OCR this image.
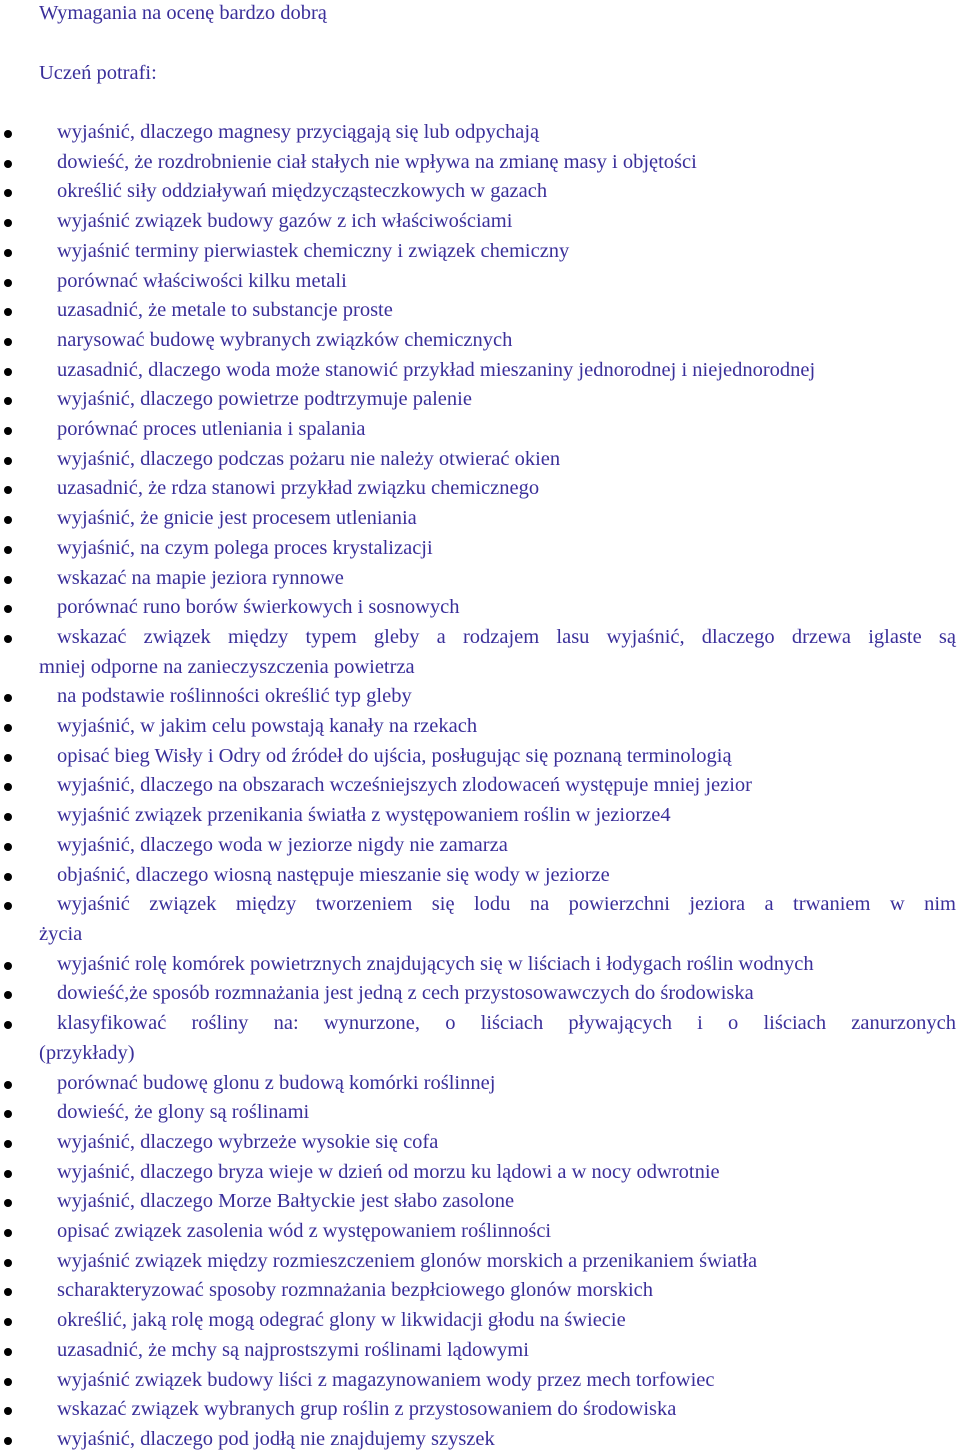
Wymagania na ocenę bardzo dobrą
Uczeń potrafi:
wyjaśnić, dlaczego magnesy przyciągają się lub odpychają
dowieść, że rozdrobnienie ciał stałych nie wpływa na zmianę masy i objętości
określić siły oddziaływań międzycząsteczkowych w gazach
wyjaśnić związek budowy gazów z ich właściwościami
wyjaśnić terminy pierwiastek chemiczny i związek chemiczny
porównać właściwości kilku metali
uzasadnić, że metale to substancje proste
narysować budowę wybranych związków chemicznych
uzasadnić, dlaczego woda może stanowić przykład mieszaniny jednorodnej i niejednorodnej
wyjaśnić, dlaczego powietrze podtrzymuje palenie
porównać proces utleniania i spalania
wyjaśnić, dlaczego podczas pożaru nie należy otwierać okien
uzasadnić, że rdza stanowi przykład związku chemicznego
wyjaśnić, że gnicie jest procesem utleniania
wyjaśnić, na czym polega proces krystalizacji
wskazać na mapie jeziora rynnowe
porównać runo borów świerkowych i sosnowych
wskazać związek między typem gleby a rodzajem lasu wyjaśnić, dlaczego drzewa iglaste są
mniej odporne na zanieczyszczenia powietrza
na podstawie roślinności określić typ gleby
wyjaśnić, w jakim celu powstają kanały na rzekach
opisać bieg Wisły i Odry od źródeł do ujścia, posługując się poznaną terminologią
wyjaśnić, dlaczego na obszarach wcześniejszych zlodowaceń występuje mniej jezior
wyjaśnić związek przenikania światła z występowaniem roślin w jeziorze4
wyjaśnić, dlaczego woda w jeziorze nigdy nie zamarza
objaśnić, dlaczego wiosną następuje mieszanie się wody w jeziorze
wyjaśnić związek między tworzeniem się lodu na powierzchni jeziora a trwaniem w nim
życia
wyjaśnić rolę komórek powietrznych znajdujących się w liściach i łodygach roślin wodnych
dowieść,że sposób rozmnażania jest jedną z cech przystosowawczych do środowiska
klasyfikować rośliny na: wynurzone, o liściach pływających i o liściach zanurzonych
(przykłady)
porównać budowę glonu z budową komórki roślinnej
dowieść, że glony są roślinami
wyjaśnić, dlaczego wybrzeże wysokie się cofa
wyjaśnić, dlaczego bryza wieje w dzień od morzu ku lądowi a w nocy odwrotnie
wyjaśnić, dlaczego Morze Bałtyckie jest słabo zasolone
opisać związek zasolenia wód z występowaniem roślinności
wyjaśnić związek między rozmieszczeniem glonów morskich a przenikaniem światła
scharakteryzować sposoby rozmnażania bezpłciowego glonów morskich
określić, jaką rolę mogą odegrać glony w likwidacji głodu na świecie
uzasadnić, że mchy są najprostszymi roślinami lądowymi
wyjaśnić związek budowy liści z magazynowaniem wody przez mech torfowiec
wskazać związek wybranych grup roślin z przystosowaniem do środowiska
wyjaśnić, dlaczego pod jodłą nie znajdujemy szyszek
